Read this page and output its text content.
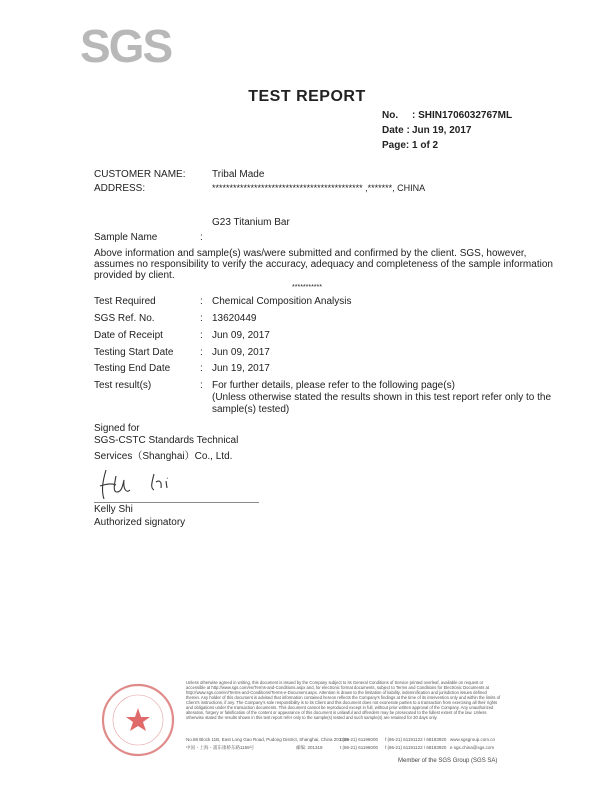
SGS
TEST REPORT
No. : SHIN1706032767ML
Date : Jun 19, 2017
Page: 1 of 2
CUSTOMER NAME:	Tribal Made
ADDRESS:	******************************************* ,*******, CHINA
G23 Titanium Bar
Sample Name	:
Above information and sample(s) was/were submitted and confirmed by the client. SGS, however, assumes no responsibility to verify the accuracy, adequacy and completeness of the sample information provided by client.
***********
Test Required	: Chemical Composition Analysis
SGS Ref. No.	: 13620449
Date of Receipt	: Jun 09, 2017
Testing Start Date	: Jun 09, 2017
Testing End Date	: Jun 19, 2017
Test result(s)	: For further details, please refer to the following page(s)
(Unless otherwise stated the results shown in this test report refer only to the sample(s) tested)
Signed for
SGS-CSTC Standards Technical
Services（Shanghai）Co., Ltd.
Kelly Shi
Authorized signatory
Unless otherwise agreed in writing, this document is issued by the Company subject to its General Conditions of Service printed overleaf, available on request or accessible at http://www.sgs.com/en/Terms-and-Conditions.aspx and, for electronic format documents, subject to Terms and Conditions for Electronic Documents at http://www.sgs.com/en/Terms-and-Conditions/Terms-e-Document.aspx. Attention is drawn to the limitation of liability, indemnification and jurisdiction issues defined therein. Any holder of this document is advised that information contained hereon reflects the Company's findings at the time of its intervention only and within the limits of Client's instructions, if any. The Company's sole responsibility is to its Client and this document does not exonerate parties to a transaction from exercising all their rights and obligations under the transaction documents. This document cannot be reproduced except in full, without prior written approval of the Company. Any unauthorized alteration, forgery or falsification of the content or appearance of this document is unlawful and offenders may be prosecuted to the fullest extent of the law. Unless otherwise stated the results shown in this test report refer only to the sample(s) tested and such sample(s) are retained for 30 days only.
No.88 Block 11B, East Long Gao Road, Pudong District, Shanghai, China 201319
t (86-21) 61196000 f (86-21) 61191122 / 68183920 www.sgsgroup.com.cn
中国・上海・浦东康桥东路1159号	邮编: 201319	t (86-21) 61196000 f (86-21) 61191122 / 68183920 e sgs.china@sgs.com
Member of the SGS Group (SGS SA)
